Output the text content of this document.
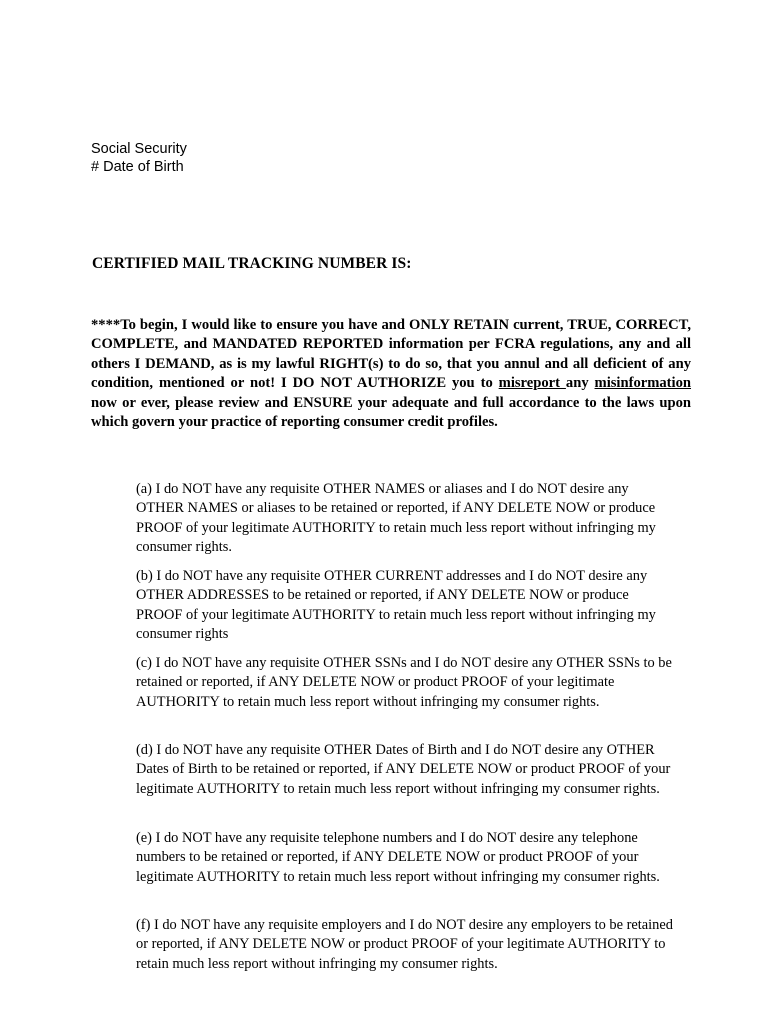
Social Security
# Date of Birth
CERTIFIED MAIL TRACKING NUMBER IS:
****To begin, I would like to ensure you have and ONLY RETAIN current, TRUE, CORRECT, COMPLETE, and MANDATED REPORTED information per FCRA regulations, any and all others I DEMAND, as is my lawful RIGHT(s) to do so, that you annul and all deficient of any condition, mentioned or not! I DO NOT AUTHORIZE you to misreport any misinformation now or ever, please review and ENSURE your adequate and full accordance to the laws upon which govern your practice of reporting consumer credit profiles.

(a) I do NOT have any requisite OTHER NAMES or aliases and I do NOT desire any OTHER NAMES or aliases to be retained or reported, if ANY DELETE NOW or produce PROOF of your legitimate AUTHORITY to retain much less report without infringing my consumer rights.

(b) I do NOT have any requisite OTHER CURRENT addresses and I do NOT desire any OTHER ADDRESSES to be retained or reported, if ANY DELETE NOW or produce PROOF of your legitimate AUTHORITY to retain much less report without infringing my consumer rights

(c) I do NOT have any requisite OTHER SSNs and I do NOT desire any OTHER SSNs to be retained or reported, if ANY DELETE NOW or product PROOF of your legitimate AUTHORITY to retain much less report without infringing my consumer rights.

(d) I do NOT have any requisite OTHER Dates of Birth and I do NOT desire any OTHER Dates of Birth to be retained or reported, if ANY DELETE NOW or product PROOF of your legitimate AUTHORITY to retain much less report without infringing my consumer rights.

(e) I do NOT have any requisite telephone numbers and I do NOT desire any telephone numbers to be retained or reported, if ANY DELETE NOW or product PROOF of your legitimate AUTHORITY to retain much less report without infringing my consumer rights.

(f) I do NOT have any requisite employers and I do NOT desire any employers to be retained or reported, if ANY DELETE NOW or product PROOF of your legitimate AUTHORITY to retain much less report without infringing my consumer rights.
